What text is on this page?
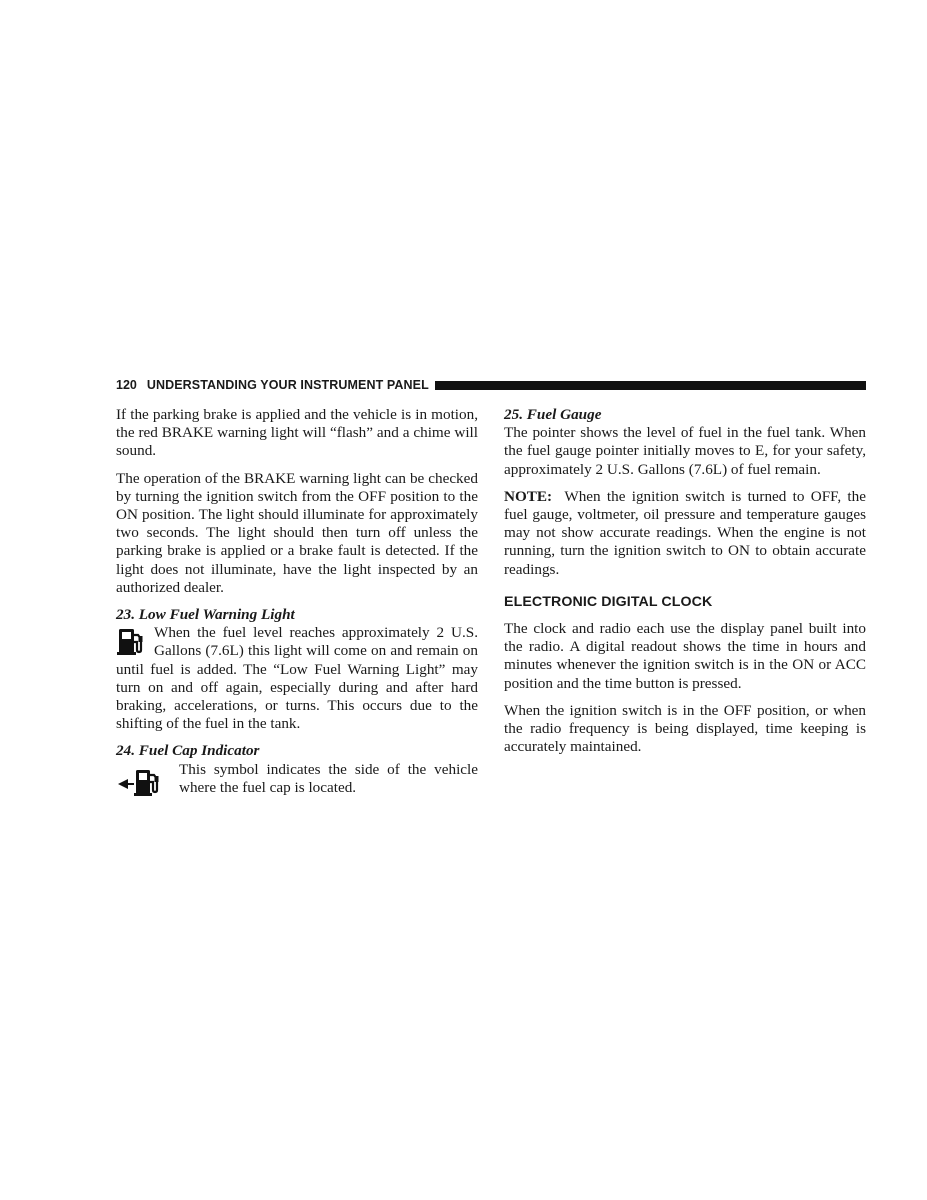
120 UNDERSTANDING YOUR INSTRUMENT PANEL

If the parking brake is applied and the vehicle is in motion, the red BRAKE warning light will “flash” and a chime will sound.

The operation of the BRAKE warning light can be checked by turning the ignition switch from the OFF position to the ON position. The light should illuminate for approximately two seconds. The light should then turn off unless the parking brake is applied or a brake fault is detected. If the light does not illuminate, have the light inspected by an authorized dealer.

23. Low Fuel Warning Light

When the fuel level reaches approximately 2 U.S. Gallons (7.6L) this light will come on and remain on until fuel is added. The “Low Fuel Warning Light” may turn on and off again, especially during and after hard braking, accelerations, or turns. This occurs due to the shifting of the fuel in the tank.

24. Fuel Cap Indicator

This symbol indicates the side of the vehicle where the fuel cap is located.

25. Fuel Gauge

The pointer shows the level of fuel in the fuel tank. When the fuel gauge pointer initially moves to E, for your safety, approximately 2 U.S. Gallons (7.6L) of fuel remain.

NOTE: When the ignition switch is turned to OFF, the fuel gauge, voltmeter, oil pressure and temperature gauges may not show accurate readings. When the engine is not running, turn the ignition switch to ON to obtain accurate readings.

ELECTRONIC DIGITAL CLOCK

The clock and radio each use the display panel built into the radio. A digital readout shows the time in hours and minutes whenever the ignition switch is in the ON or ACC position and the time button is pressed.

When the ignition switch is in the OFF position, or when the radio frequency is being displayed, time keeping is accurately maintained.
